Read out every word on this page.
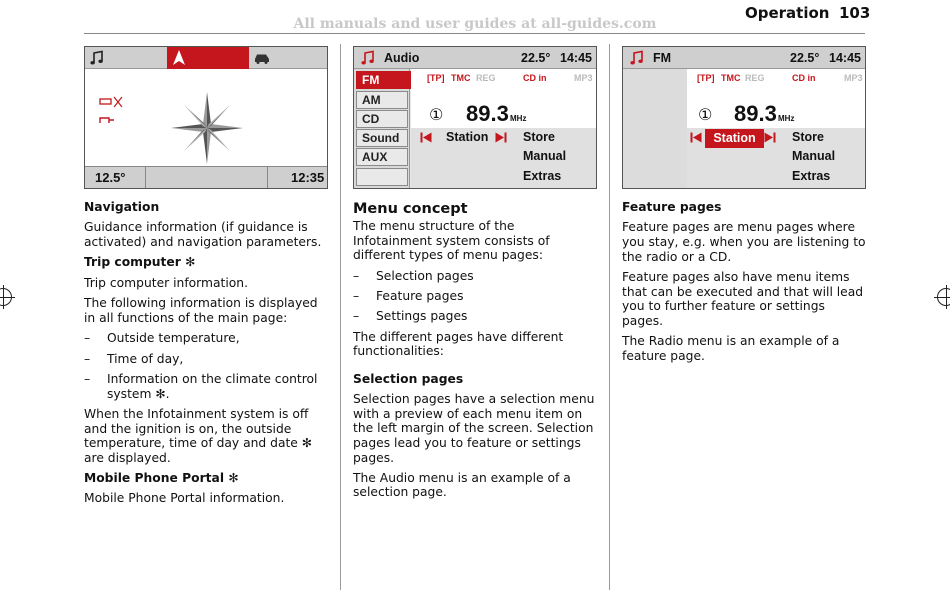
All manuals and user guides at all-guides.com
Operation 103
12.5°	12:35
Audio	22.5° 14:45
FM
AM
CD
Sound
AUX
[TP] TMC REG	CD in	MP3
① 89.3 MHz
Station	Store
Manual
Extras
FM	22.5° 14:45
[TP] TMC REG	CD in	MP3
① 89.3 MHz
Station	Store
Manual
Extras
Navigation

Guidance information (if guidance is activated) and navigation parameters.

Trip computer ✻

Trip computer information.

The following information is displayed in all functions of the main page:

–	Outside temperature,
–	Time of day,
–	Information on the climate control system ✻.

When the Infotainment system is off and the ignition is on, the outside temperature, time of day and date ✻ are displayed.

Mobile Phone Portal ✻

Mobile Phone Portal information.

Menu concept

The menu structure of the Infotainment system consists of different types of menu pages:

–	Selection pages
–	Feature pages
–	Settings pages

The different pages have different functionalities:

Selection pages

Selection pages have a selection menu with a preview of each menu item on the left margin of the screen. Selection pages lead you to feature or settings pages.

The Audio menu is an example of a selection page.

Feature pages

Feature pages are menu pages where you stay, e.g. when you are listening to the radio or a CD.

Feature pages also have menu items that can be executed and that will lead you to further feature or settings pages.

The Radio menu is an example of a feature page.
